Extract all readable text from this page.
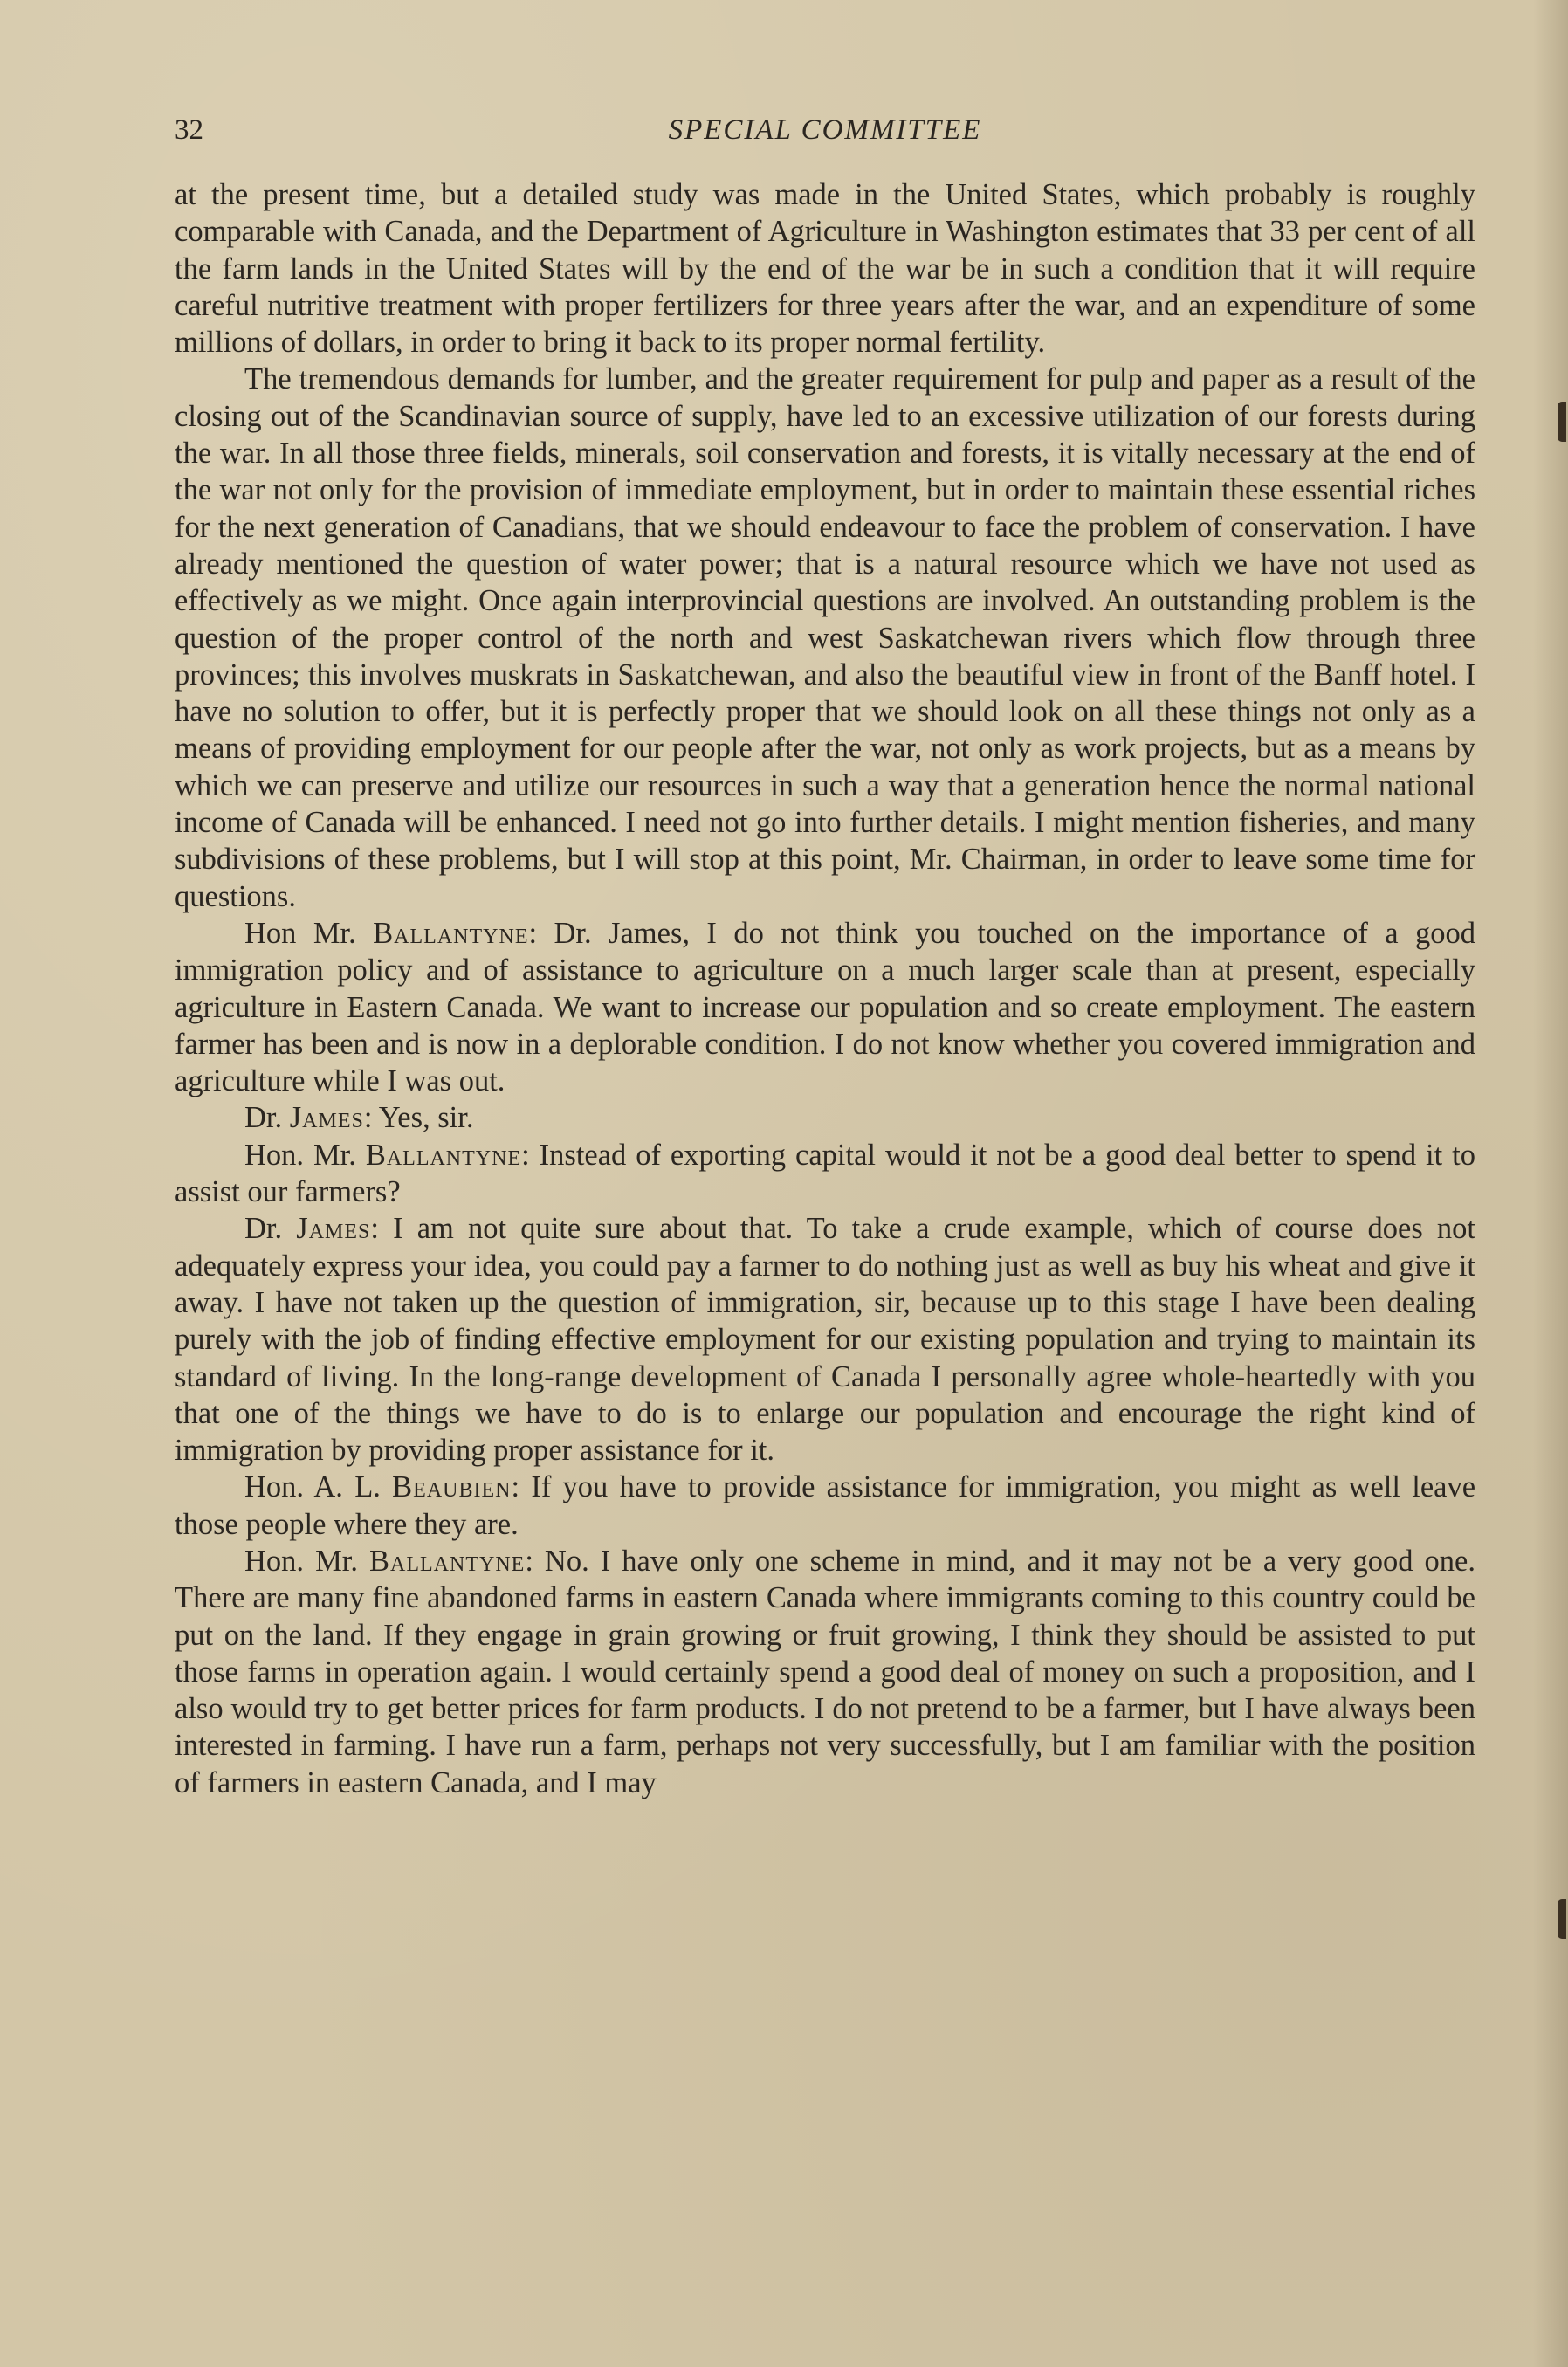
32	SPECIAL COMMITTEE

at the present time, but a detailed study was made in the United States, which probably is roughly comparable with Canada, and the Department of Agriculture in Washington estimates that 33 per cent of all the farm lands in the United States will by the end of the war be in such a condition that it will require careful nutritive treatment with proper fertilizers for three years after the war, and an expenditure of some millions of dollars, in order to bring it back to its proper normal fertility.

The tremendous demands for lumber, and the greater requirement for pulp and paper as a result of the closing out of the Scandinavian source of supply, have led to an excessive utilization of our forests during the war. In all those three fields, minerals, soil conservation and forests, it is vitally necessary at the end of the war not only for the provision of immediate employment, but in order to maintain these essential riches for the next generation of Canadians, that we should endeavour to face the problem of conservation. I have already mentioned the question of water power; that is a natural resource which we have not used as effectively as we might. Once again interprovincial questions are involved. An outstanding problem is the question of the proper control of the north and west Saskatchewan rivers which flow through three provinces; this involves muskrats in Saskatchewan, and also the beautiful view in front of the Banff hotel. I have no solution to offer, but it is perfectly proper that we should look on all these things not only as a means of providing employment for our people after the war, not only as work projects, but as a means by which we can preserve and utilize our resources in such a way that a generation hence the normal national income of Canada will be enhanced. I need not go into further details. I might mention fisheries, and many subdivisions of these problems, but I will stop at this point, Mr. Chairman, in order to leave some time for questions.

Hon Mr. Ballantyne: Dr. James, I do not think you touched on the importance of a good immigration policy and of assistance to agriculture on a much larger scale than at present, especially agriculture in Eastern Canada. We want to increase our population and so create employment. The eastern farmer has been and is now in a deplorable condition. I do not know whether you covered immigration and agriculture while I was out.

Dr. James: Yes, sir.

Hon. Mr. Ballantyne: Instead of exporting capital would it not be a good deal better to spend it to assist our farmers?

Dr. James: I am not quite sure about that. To take a crude example, which of course does not adequately express your idea, you could pay a farmer to do nothing just as well as buy his wheat and give it away. I have not taken up the question of immigration, sir, because up to this stage I have been dealing purely with the job of finding effective employment for our existing population and trying to maintain its standard of living. In the long-range development of Canada I personally agree whole-heartedly with you that one of the things we have to do is to enlarge our population and encourage the right kind of immigration by providing proper assistance for it.

Hon. A. L. Beaubien: If you have to provide assistance for immigration, you might as well leave those people where they are.

Hon. Mr. Ballantyne: No. I have only one scheme in mind, and it may not be a very good one. There are many fine abandoned farms in eastern Canada where immigrants coming to this country could be put on the land. If they engage in grain growing or fruit growing, I think they should be assisted to put those farms in operation again. I would certainly spend a good deal of money on such a proposition, and I also would try to get better prices for farm products. I do not pretend to be a farmer, but I have always been interested in farming. I have run a farm, perhaps not very successfully, but I am familiar with the position of farmers in eastern Canada, and I may
